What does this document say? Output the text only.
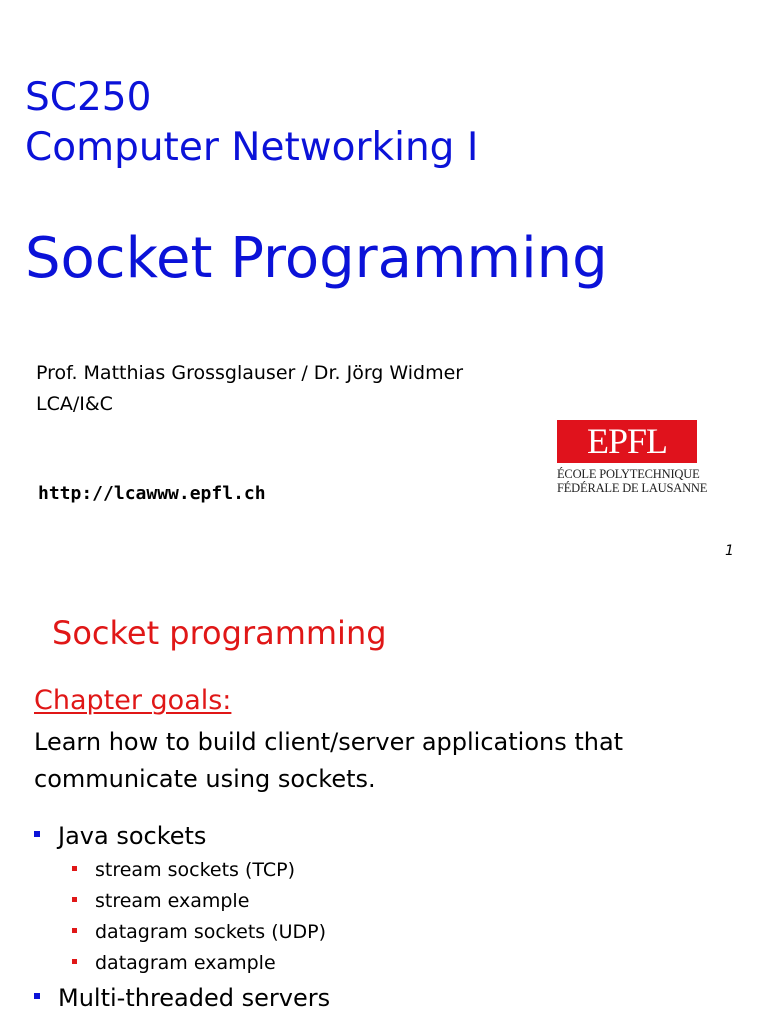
SC250
Computer Networking I
Socket Programming
Prof. Matthias Grossglauser / Dr. Jörg Widmer
LCA/I&C
http://lcawww.epfl.ch
1
EPFL
ÉCOLE POLYTECHNIQUE
FÉDÉRALE DE LAUSANNE
Socket programming
Chapter goals:
Learn how to build client/server applications that communicate using sockets.
Java sockets
stream sockets (TCP)
stream example
datagram sockets (UDP)
datagram example
Multi-threaded servers
